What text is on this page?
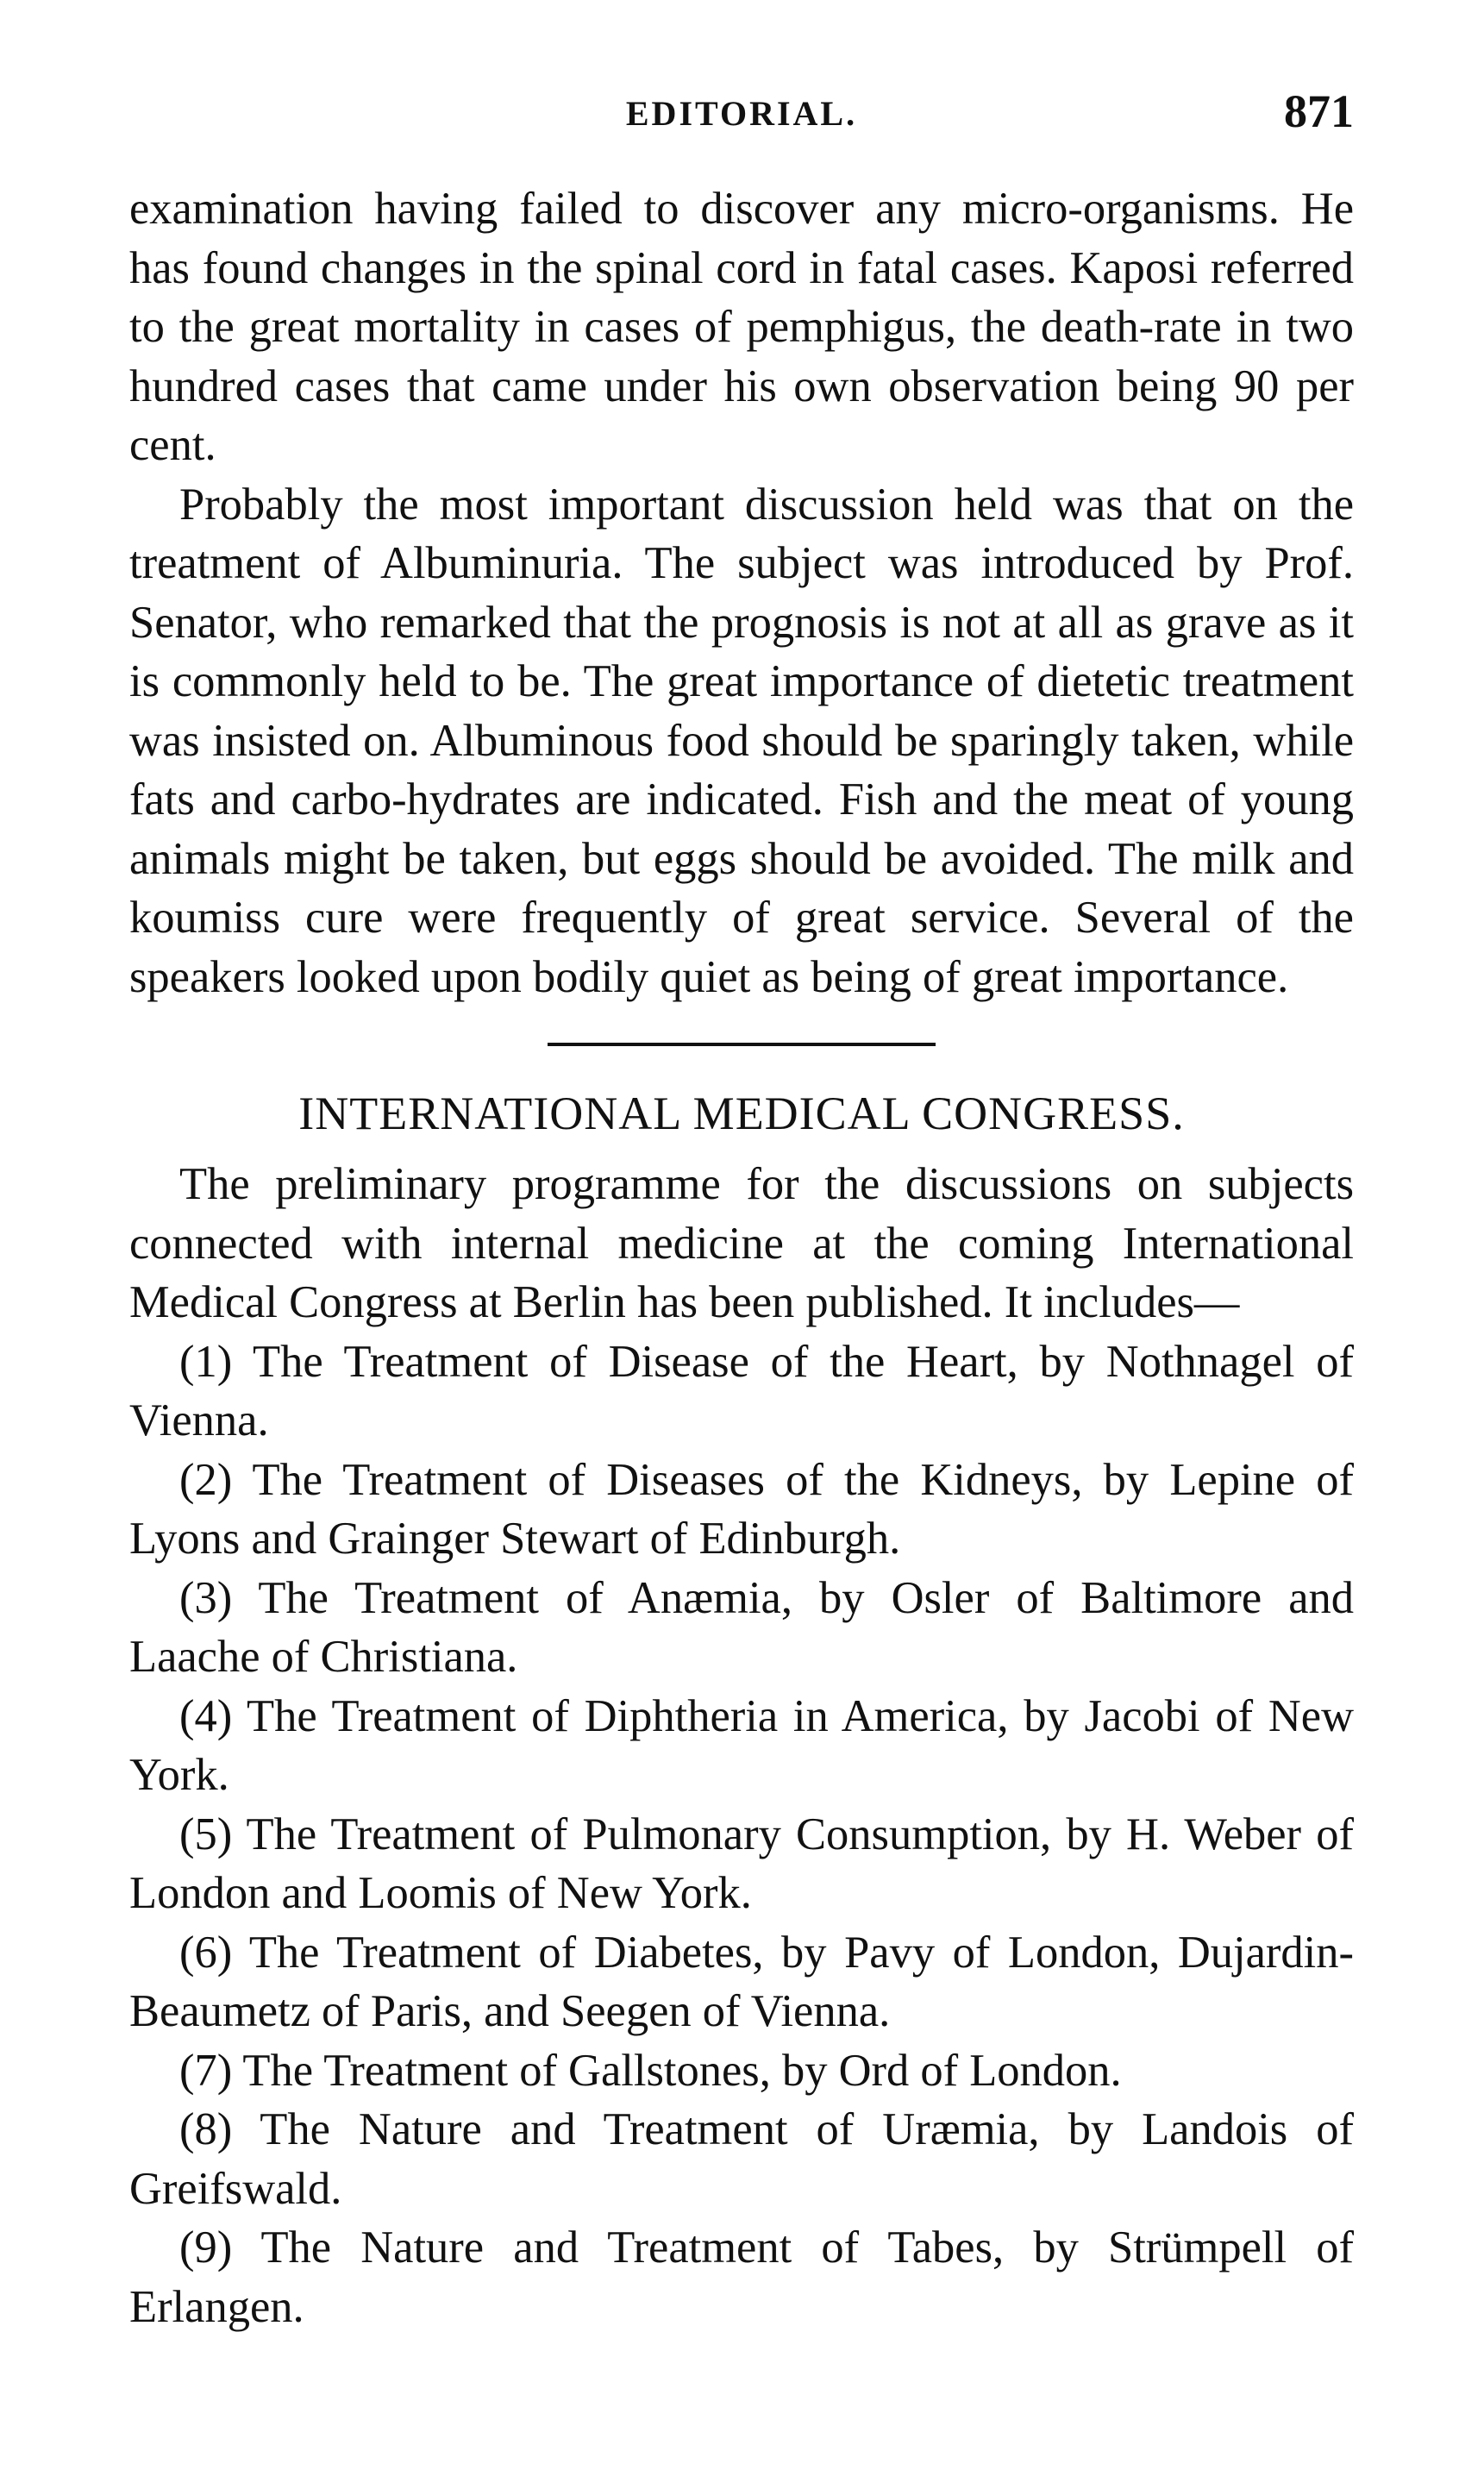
EDITORIAL.	871

examination having failed to discover any micro-organisms. He has found changes in the spinal cord in fatal cases. Kaposi referred to the great mortality in cases of pemphigus, the death-rate in two hundred cases that came under his own observation being 90 per cent.

Probably the most important discussion held was that on the treatment of Albuminuria. The subject was introduced by Prof. Senator, who remarked that the prognosis is not at all as grave as it is commonly held to be. The great importance of dietetic treatment was insisted on. Albuminous food should be sparingly taken, while fats and carbo-hydrates are indicated. Fish and the meat of young animals might be taken, but eggs should be avoided. The milk and koumiss cure were frequently of great service. Several of the speakers looked upon bodily quiet as being of great importance.

INTERNATIONAL MEDICAL CONGRESS.

The preliminary programme for the discussions on subjects connected with internal medicine at the coming International Medical Congress at Berlin has been published. It includes—

(1) The Treatment of Disease of the Heart, by Nothnagel of Vienna.

(2) The Treatment of Diseases of the Kidneys, by Lepine of Lyons and Grainger Stewart of Edinburgh.

(3) The Treatment of Anæmia, by Osler of Baltimore and Laache of Christiana.

(4) The Treatment of Diphtheria in America, by Jacobi of New York.

(5) The Treatment of Pulmonary Consumption, by H. Weber of London and Loomis of New York.

(6) The Treatment of Diabetes, by Pavy of London, Dujardin-Beaumetz of Paris, and Seegen of Vienna.

(7) The Treatment of Gallstones, by Ord of London.

(8) The Nature and Treatment of Uræmia, by Landois of Greifswald.

(9) The Nature and Treatment of Tabes, by Strümpell of Erlangen.
